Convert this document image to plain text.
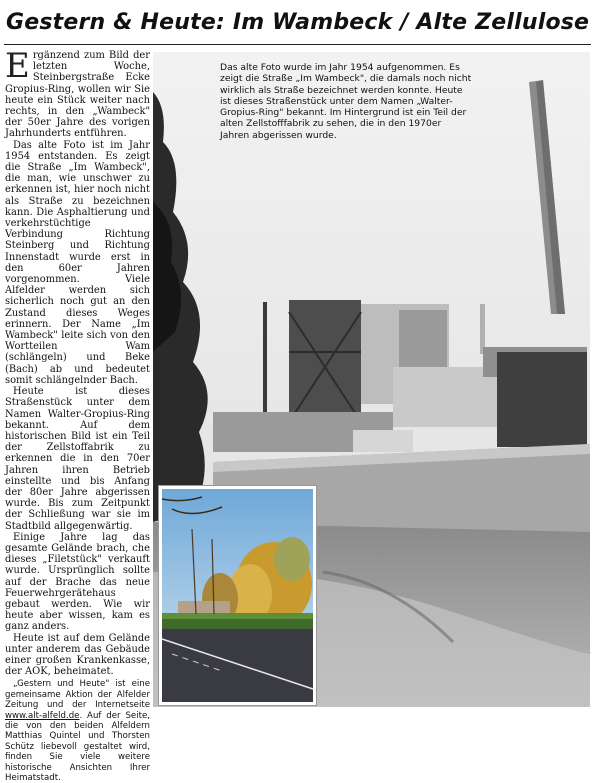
Gestern & Heute: Im Wambeck / Alte Zellulose

Ergänzend zum Bild der letzten Woche, Steinbergstraße Ecke Gropius-Ring, wollen wir Sie heute ein Stück weiter nach rechts, in den „Wambeck" der 50er Jahre des vorigen Jahrhunderts entführen.

Das alte Foto ist im Jahr 1954 entstanden. Es zeigt die Straße „Im Wambeck", die man, wie unschwer zu erkennen ist, hier noch nicht als Straße zu bezeichnen kann. Die Asphaltierung und verkehrstüchtige Verbindung Richtung Steinberg und Richtung Innenstadt wurde erst in den 60er Jahren vorgenommen. Viele Alfelder werden sich sicherlich noch gut an den Zustand dieses Weges erinnern. Der Name „Im Wambeck" leite sich von den Wortteilen Wam (schlängeln) und Beke (Bach) ab und bedeutet somit schlängelnder Bach.

Heute ist dieses Straßenstück unter dem Namen Walter-Gropius-Ring bekannt. Auf dem historischen Bild ist ein Teil der Zellstoffabrik zu erkennen die in den 70er Jahren ihren Betrieb einstellte und bis Anfang der 80er Jahre abgerissen wurde. Bis zum Zeitpunkt der Schließung war sie im Stadtbild allgegenwärtig.

Einige Jahre lag das gesamte Gelände brach, che dieses „Filetstück" verkauft wurde. Ursprünglich sollte auf der Brache das neue Feuerwehrgerätehaus gebaut werden. Wie wir heute aber wissen, kam es ganz anders.

Heute ist auf dem Gelände unter anderem das Gebäude einer großen Krankenkasse, der AOK, beheimatet.

„Gestern und Heute" ist eine gemeinsame Aktion der Alfelder Zeitung und der Internetseite www.alt-alfeld.de. Auf der Seite, die von den beiden Alfeldern Matthias Quintel und Thorsten Schütz liebevoll gestaltet wird, finden Sie viele weitere historische Ansichten Ihrer Heimatstadt.

Das alte Foto wurde im Jahr 1954 aufgenommen. Es zeigt die Straße „Im Wambeck", die damals noch nicht wirklich als Straße bezeichnet werden konnte. Heute ist dieses Straßenstück unter dem Namen „Walter-Gropius-Ring" bekannt. Im Hintergrund ist ein Teil der alten Zellstofffabrik zu sehen, die in den 1970er Jahren abgerissen wurde.
